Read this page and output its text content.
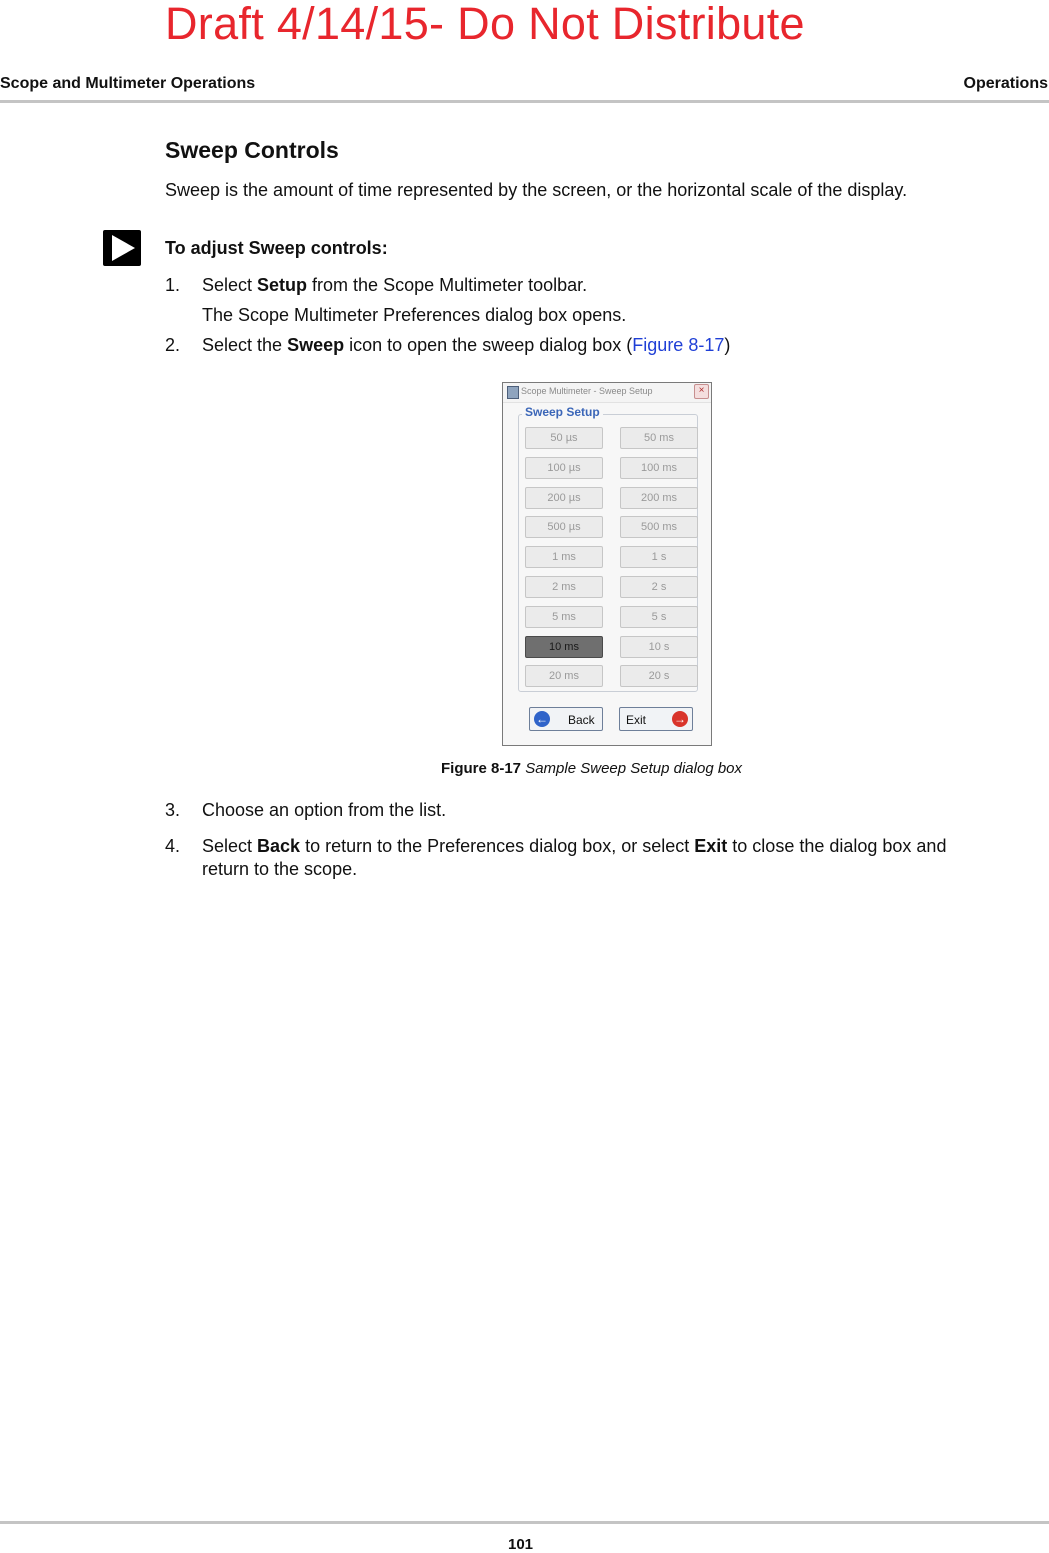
Draft 4/14/15- Do Not Distribute
Scope and Multimeter Operations	Operations
Sweep Controls

Sweep is the amount of time represented by the screen, or the horizontal scale of the display.

To adjust Sweep controls:

1. Select Setup from the Scope Multimeter toolbar.
The Scope Multimeter Preferences dialog box opens.
2. Select the Sweep icon to open the sweep dialog box (Figure 8-17)
Scope Multimeter - Sweep Setup	×
← Back	Exit →
50 µs
100 µs
200 µs
500 µs
1 ms
2 ms
5 ms
10 ms
20 ms
50 ms
100 ms
200 ms
500 ms
1 s
2 s
5 s
10 s
20 s
Sweep Setup
Figure 8-17 Sample Sweep Setup dialog box
3. Choose an option from the list.
4. Select Back to return to the Preferences dialog box, or select Exit to close the dialog box and
return to the scope.
101
